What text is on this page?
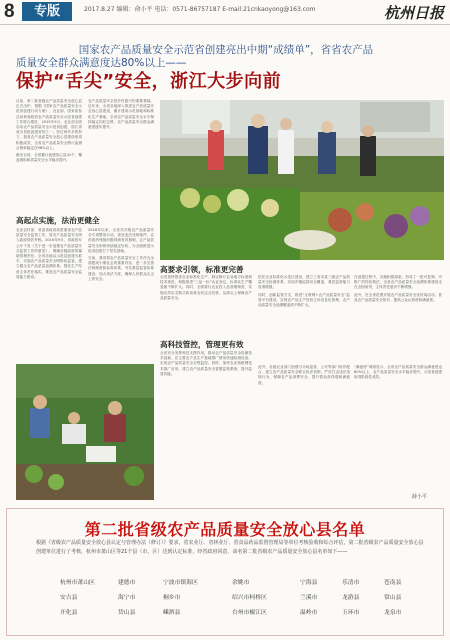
8	专版	2017.8.27 编辑：俞小平 电话：0571-86757187 E-mail:21cnkaoyong@163.com	杭州日报
国家农产品质量安全示范省创建亮出中期“成绩单”，省省农产品
质量安全群众满意度达80%以上——
保护“舌尖”安全，浙江大步向前

目前，第二批省级农产品质量安全放心县正式出炉。根据《国家农产品质量安全示范省创建行动方案》，农业部、国家质检总局和省政府农产品质量安全示范省创建工作联合推进，2015年9月，农业部全面启动农产品质量安全示范省创建，浙江省成为首批创建省份之一。经过两年多的努力，我省农产品质量安全放心县建设取得积极成效，全省农产品质量安全例行监测合格率稳定在98%以上。

截至目前，全省累计创建放心县41个，覆盖面积和质量安全水平稳步提升。

农产品质量安全是乡村振兴的重要基础。近年来，全省各地深入推进农产品质量安全放心县建设，累计建成示范基地和标准化生产基地，全省农产品质量安全水平保持稳定向好态势，农产品质量安全群众满意度逐年提升。

高起点实施，法治更健全

农业农村部、省委省政府高度重视农产品质量安全监管工作，将农产品质量安全纳入政府绩效考核。2016年9月，省政府办公厅下发《关于进一步加强农产品质量安全监管工作的意见》，明确各级政府的属地管理责任。全省各地以示范县创建为抓手，实施农产品质量安全网格化监管，建立健全农产品质量追溯体系，强化生产经营主体责任落实，推进农产品质量安全监管能力建设。

2016年以来，全省共开展农产品质量安全专项整治行动，查处违法违规案件，农药兽药残留问题得到有效遏制，农产品质量安全形势持续稳定好转，为全面推进示范省创建打下坚实基础。

当前，我省将农产品质量安全工作作为全面建成小康社会的重要内容，进一步完善法规制度和标准体系，夯实基层监管体系建设，加大执法力度，确保人民群众舌尖上的安全。

高要求引领，标准更完善

全省加快推进农业标准化生产，制定修订农业地方标准和技术规范，积极推进“三品一标”认证登记，标准化生产覆盖面不断扩大。同时，全面推行农业投入品管理制度，实施农药实名购买和高毒农药定点经营，从源头上保障农产品质量安全。

依托农业标准化示范区建设，建立了省市县三级农产品质量安全检测体系，实现乡镇监管站全覆盖，基层监管能力显著增强。

同时，创新监管方式，推进“互联网+农产品质量安全”监管平台建设，实现农产品生产经营主体信息化管理，农产品质量安全追溯覆盖面不断扩大。

在创建过程中，各地积极探索，形成了一批可复制、可推广的经验做法，全省农产品质量安全追溯体系建设走在全国前列，主体责任意识不断增强。

此外，在全省范围开展农产品质量安全宣传周活动，普及农产品质量安全知识，提高公众认知度和满意度。

高科技管控，管理更有效

全省充分发挥科技支撑作用，推动农产品质量安全检测技术创新，在主要农产品生产基地推广使用快速检测设备，实现农产品质量安全全程监控。同时，加快农业物联网技术推广应用，建立农产品质量安全智慧监管系统，提升监管效能。

此外，各级农业部门加强与市场监管、公安等部门协作配合，建立农产品质量安全联合执法机制，严厉打击违法违规行为，保障农产品消费安全，提升群众获得感和满意度。

“满意度”调查显示，全省农产品质量安全群众满意度达80%以上，农产品质量安全水平稳步提升，示范省创建取得阶段性成效。

薛小平
第二批省级农产品质量安全放心县名单
根据《省级农产品质量安全放心县认定与管理办法（修订）》要求，省农业厅、省林业厅、省食品药品监督管理局等单位考核验收和综合评估，第二批省级农产品质量安全放心县创建单位进行了考核，杭州市萧山区等21个县（市、区）达到认定标准，经省政府同意，命名第二批省级农产品质量安全放心县名单如下——
杭州市萧山区	建德市	宁波市镇海区	余姚市	宁海县	乐清市	苍南县
安吉县	海宁市	桐乡市	绍兴市柯桥区	兰溪市	龙游县	常山县
开化县	岱山县	嵊泗县	台州市椒江区	温岭市	玉环市	龙泉市
